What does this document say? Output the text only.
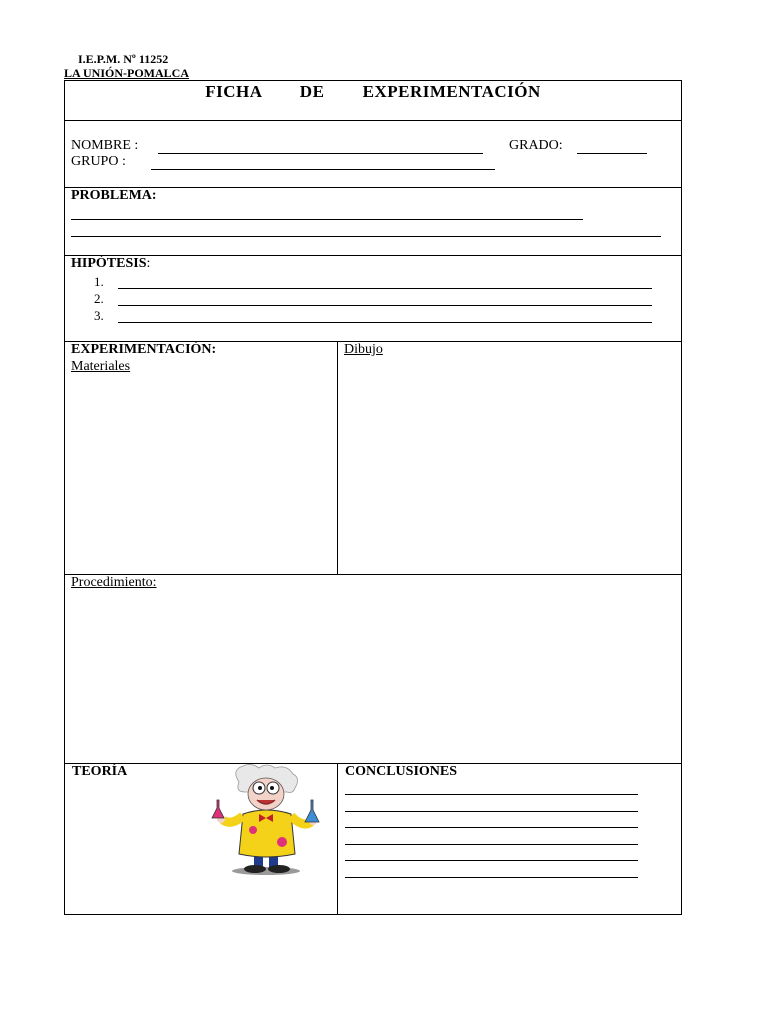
I.E.P.M. Nº 11252
LA UNIÓN-POMALCA
FICHA   DE   EXPERIMENTACIÓN
NOMBRE :	GRADO:
GRUPO :
PROBLEMA:
HIPÓTESIS:
1.
2.
3.
EXPERIMENTACIÓN:
Materiales
Dibujo
Procedimiento:
TEORÍA	CONCLUSIONES
